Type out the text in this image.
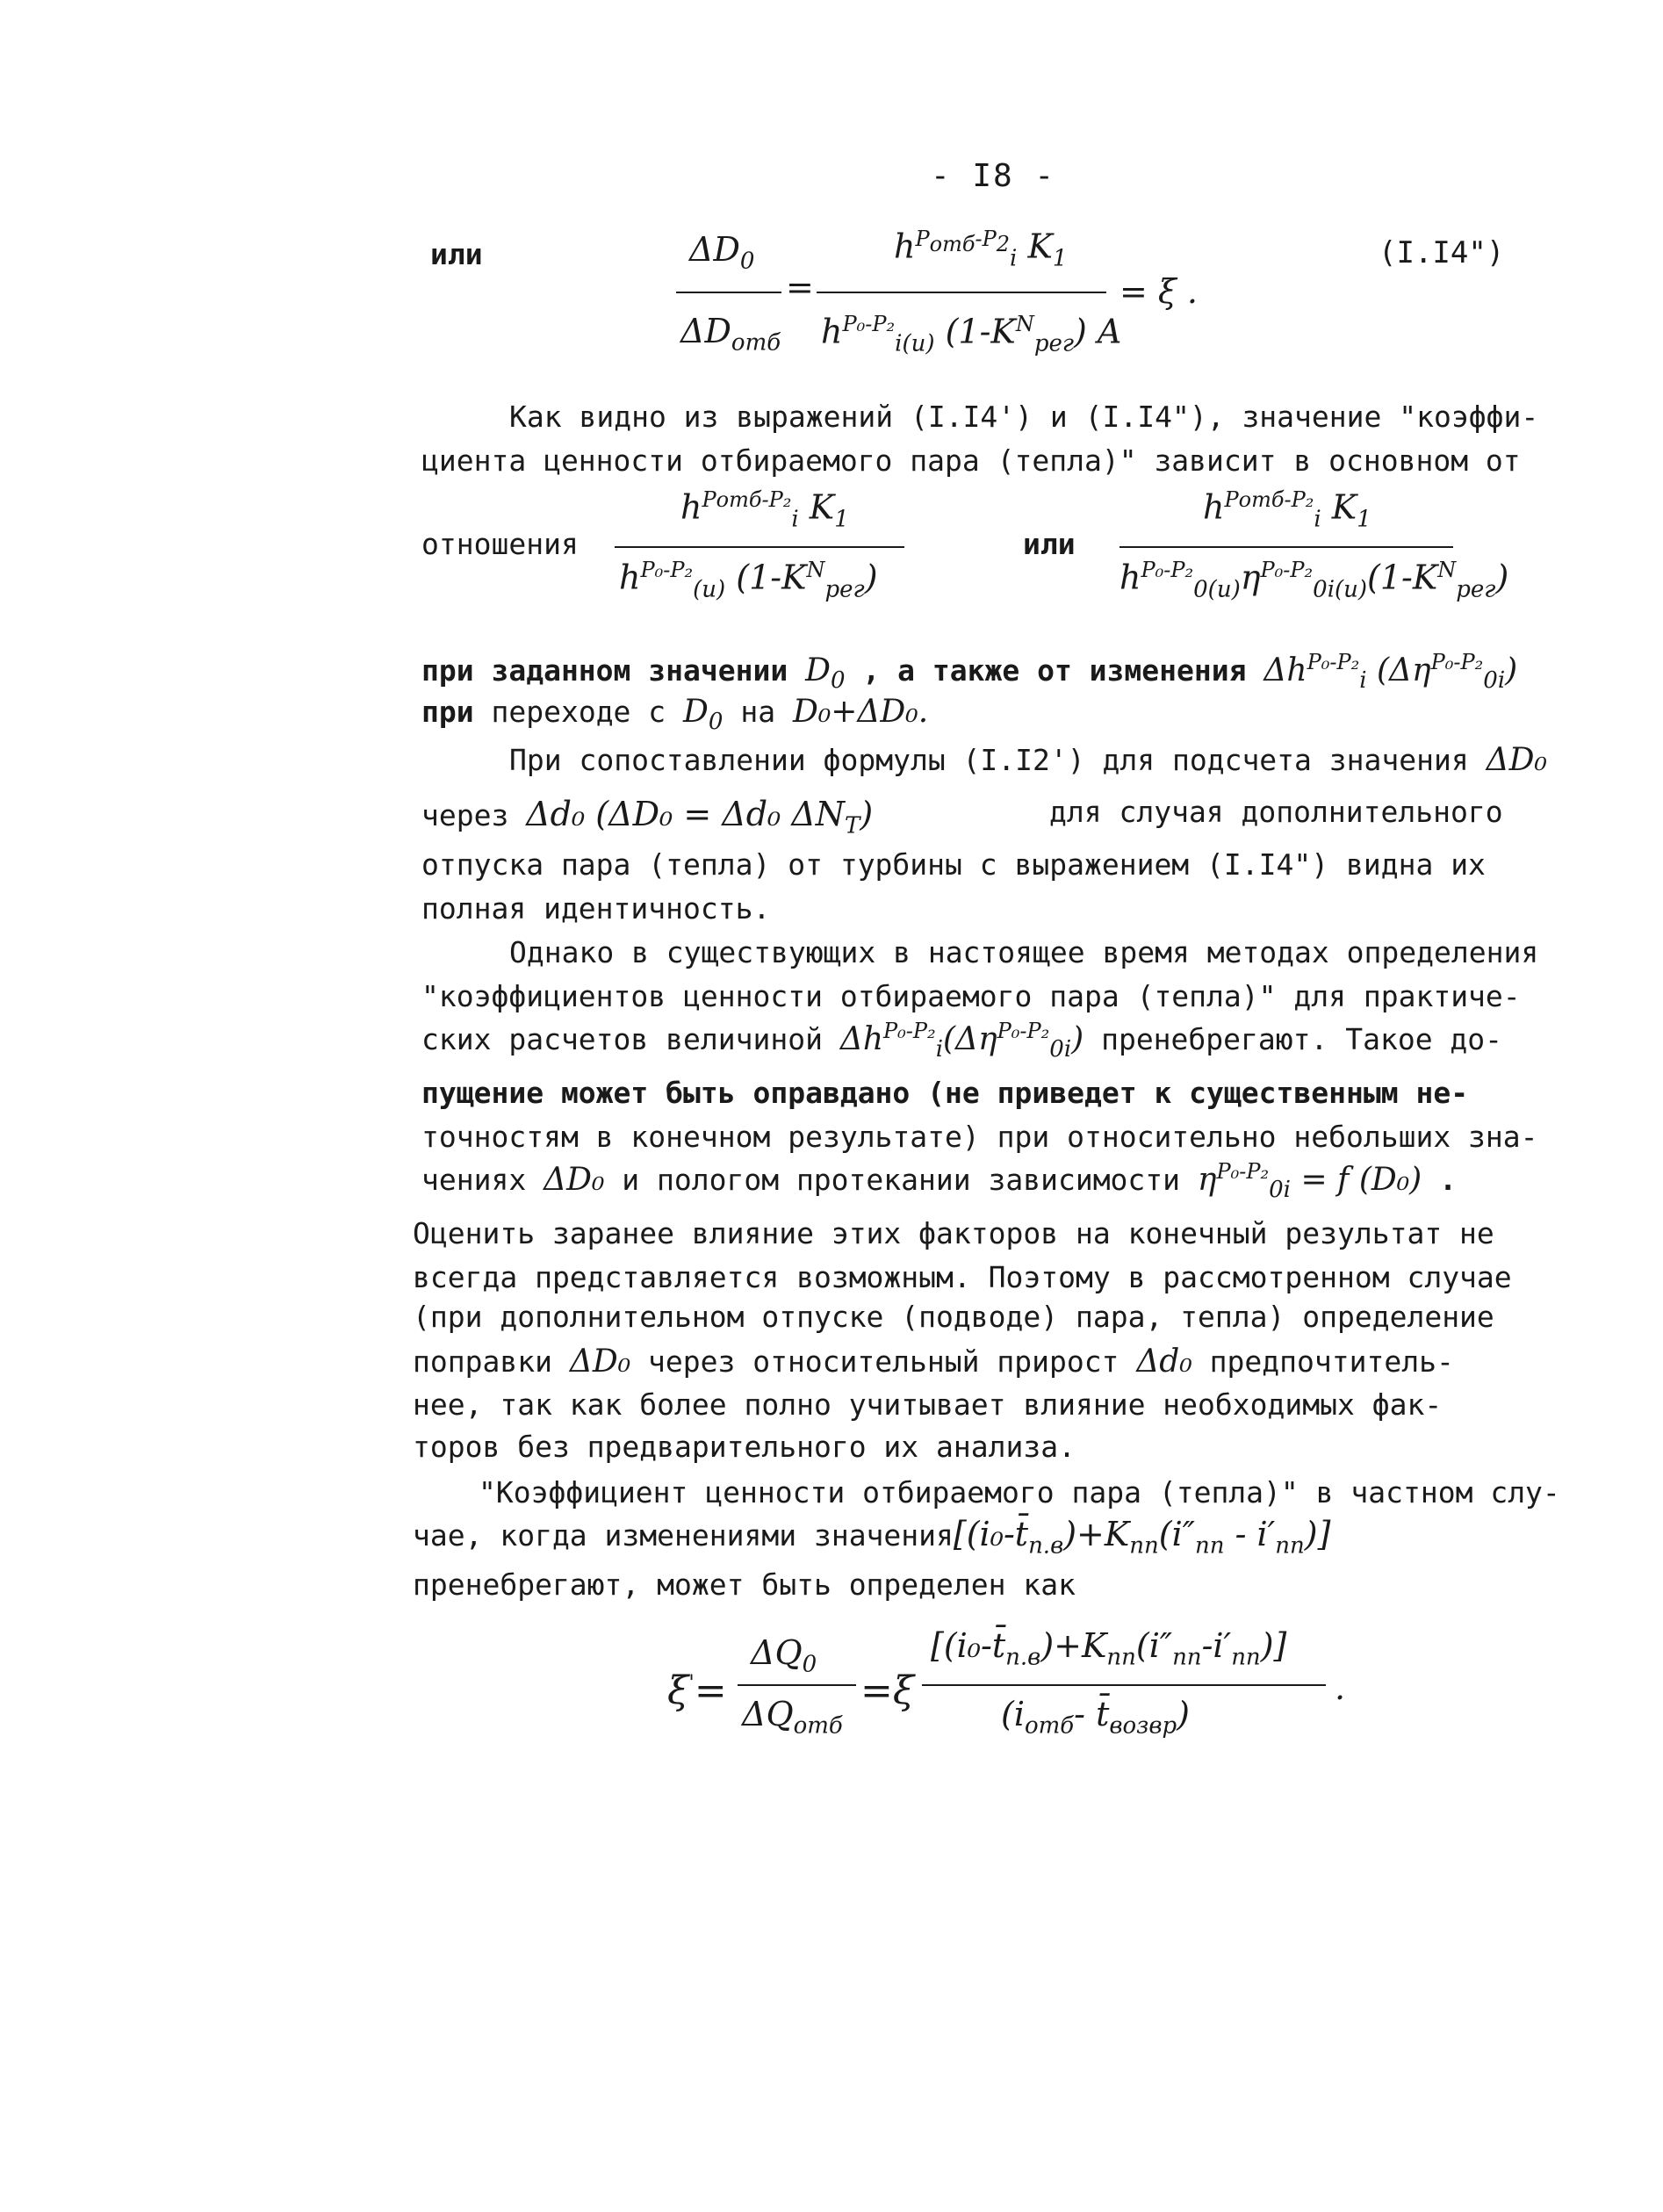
- I8 -
или	$\Delta D_0$
$\Delta D_{отб}$
=
$h^{P_{отб}-P_2}_i$ $K_1$
$h^{P_0-P_2}_{i(и)}$ $(1-K^N_{рег})$ A
= ξ .
(I.I4")
Как видно из выражений (I.I4') и (I.I4"), значение "коэффи-
циента ценности отбираемого пара (тепла)" зависит в основном от
отношения
$h^{Pотб-P_2}_i$ $K_1$
$h^{P_0-P_2}_{(и)}$ $(1-K^N_{рег})$
или
$h^{Pотб-P_2}_i$ $K_1$
$h^{P_0-P_2}_{0(и)}\eta^{P_0-P_2}_{0i(и)}(1-K^N_{рег})$
при заданном значении $D_0$ , а также от изменения $\Delta h^{P_0-P_2}_i$ $(\Delta\eta^{P_0-P_2}_{0i})$
при переходе с $D_0$ на D₀+ΔD₀.
При сопоставлении формулы (I.I2') для подсчета значения ΔD₀
через Δd₀ (ΔD₀ = Δd₀ $\Delta N_T$)	для случая дополнительного
отпуска пара (тепла) от турбины с выражением (I.I4") видна их
полная идентичность.
Однако в существующих в настоящее время методах определения
"коэффициентов ценности отбираемого пара (тепла)" для практиче-
ских расчетов величиной $\Delta h^{P_0-P_2}_i(\Delta\eta^{P_0-P_2}_{0i})$ пренебрегают. Такое до-
пущение может быть оправдано (не приведет к существенным не-
точностям в конечном результате) при относительно небольших зна-
чениях ΔD₀ и пологом протекании зависимости $\eta^{P_0-P_2}_{0i} = f$ (D₀) .
Оценить заранее влияние этих факторов на конечный результат не
всегда представляется возможным. Поэтому в рассмотренном случае
(при дополнительном отпуске (подводе) пара, тепла) определение
поправки ΔD₀ через относительный прирост Δd₀ предпочтитель-
нее, так как более полно учитывает влияние необходимых фак-
торов без предварительного их анализа.
"Коэффициент ценности отбираемого пара (тепла)" в частном слу-
чае, когда изменениями $значения[(i_0-t̄_{п.в})+K_{пп}(i''_{пп} - i'_{пп})]$
пренебрегают, может быть определен как
ξ'=
$\Delta Q_0$
$\Delta Q_{отб}$
=ξ
$[(i_0-t̄_{п.в})+K_{пп}(i''_{пп}-i'_{пп})]$
($i_{отб}-$ $t̄_{возвр}$)
.
